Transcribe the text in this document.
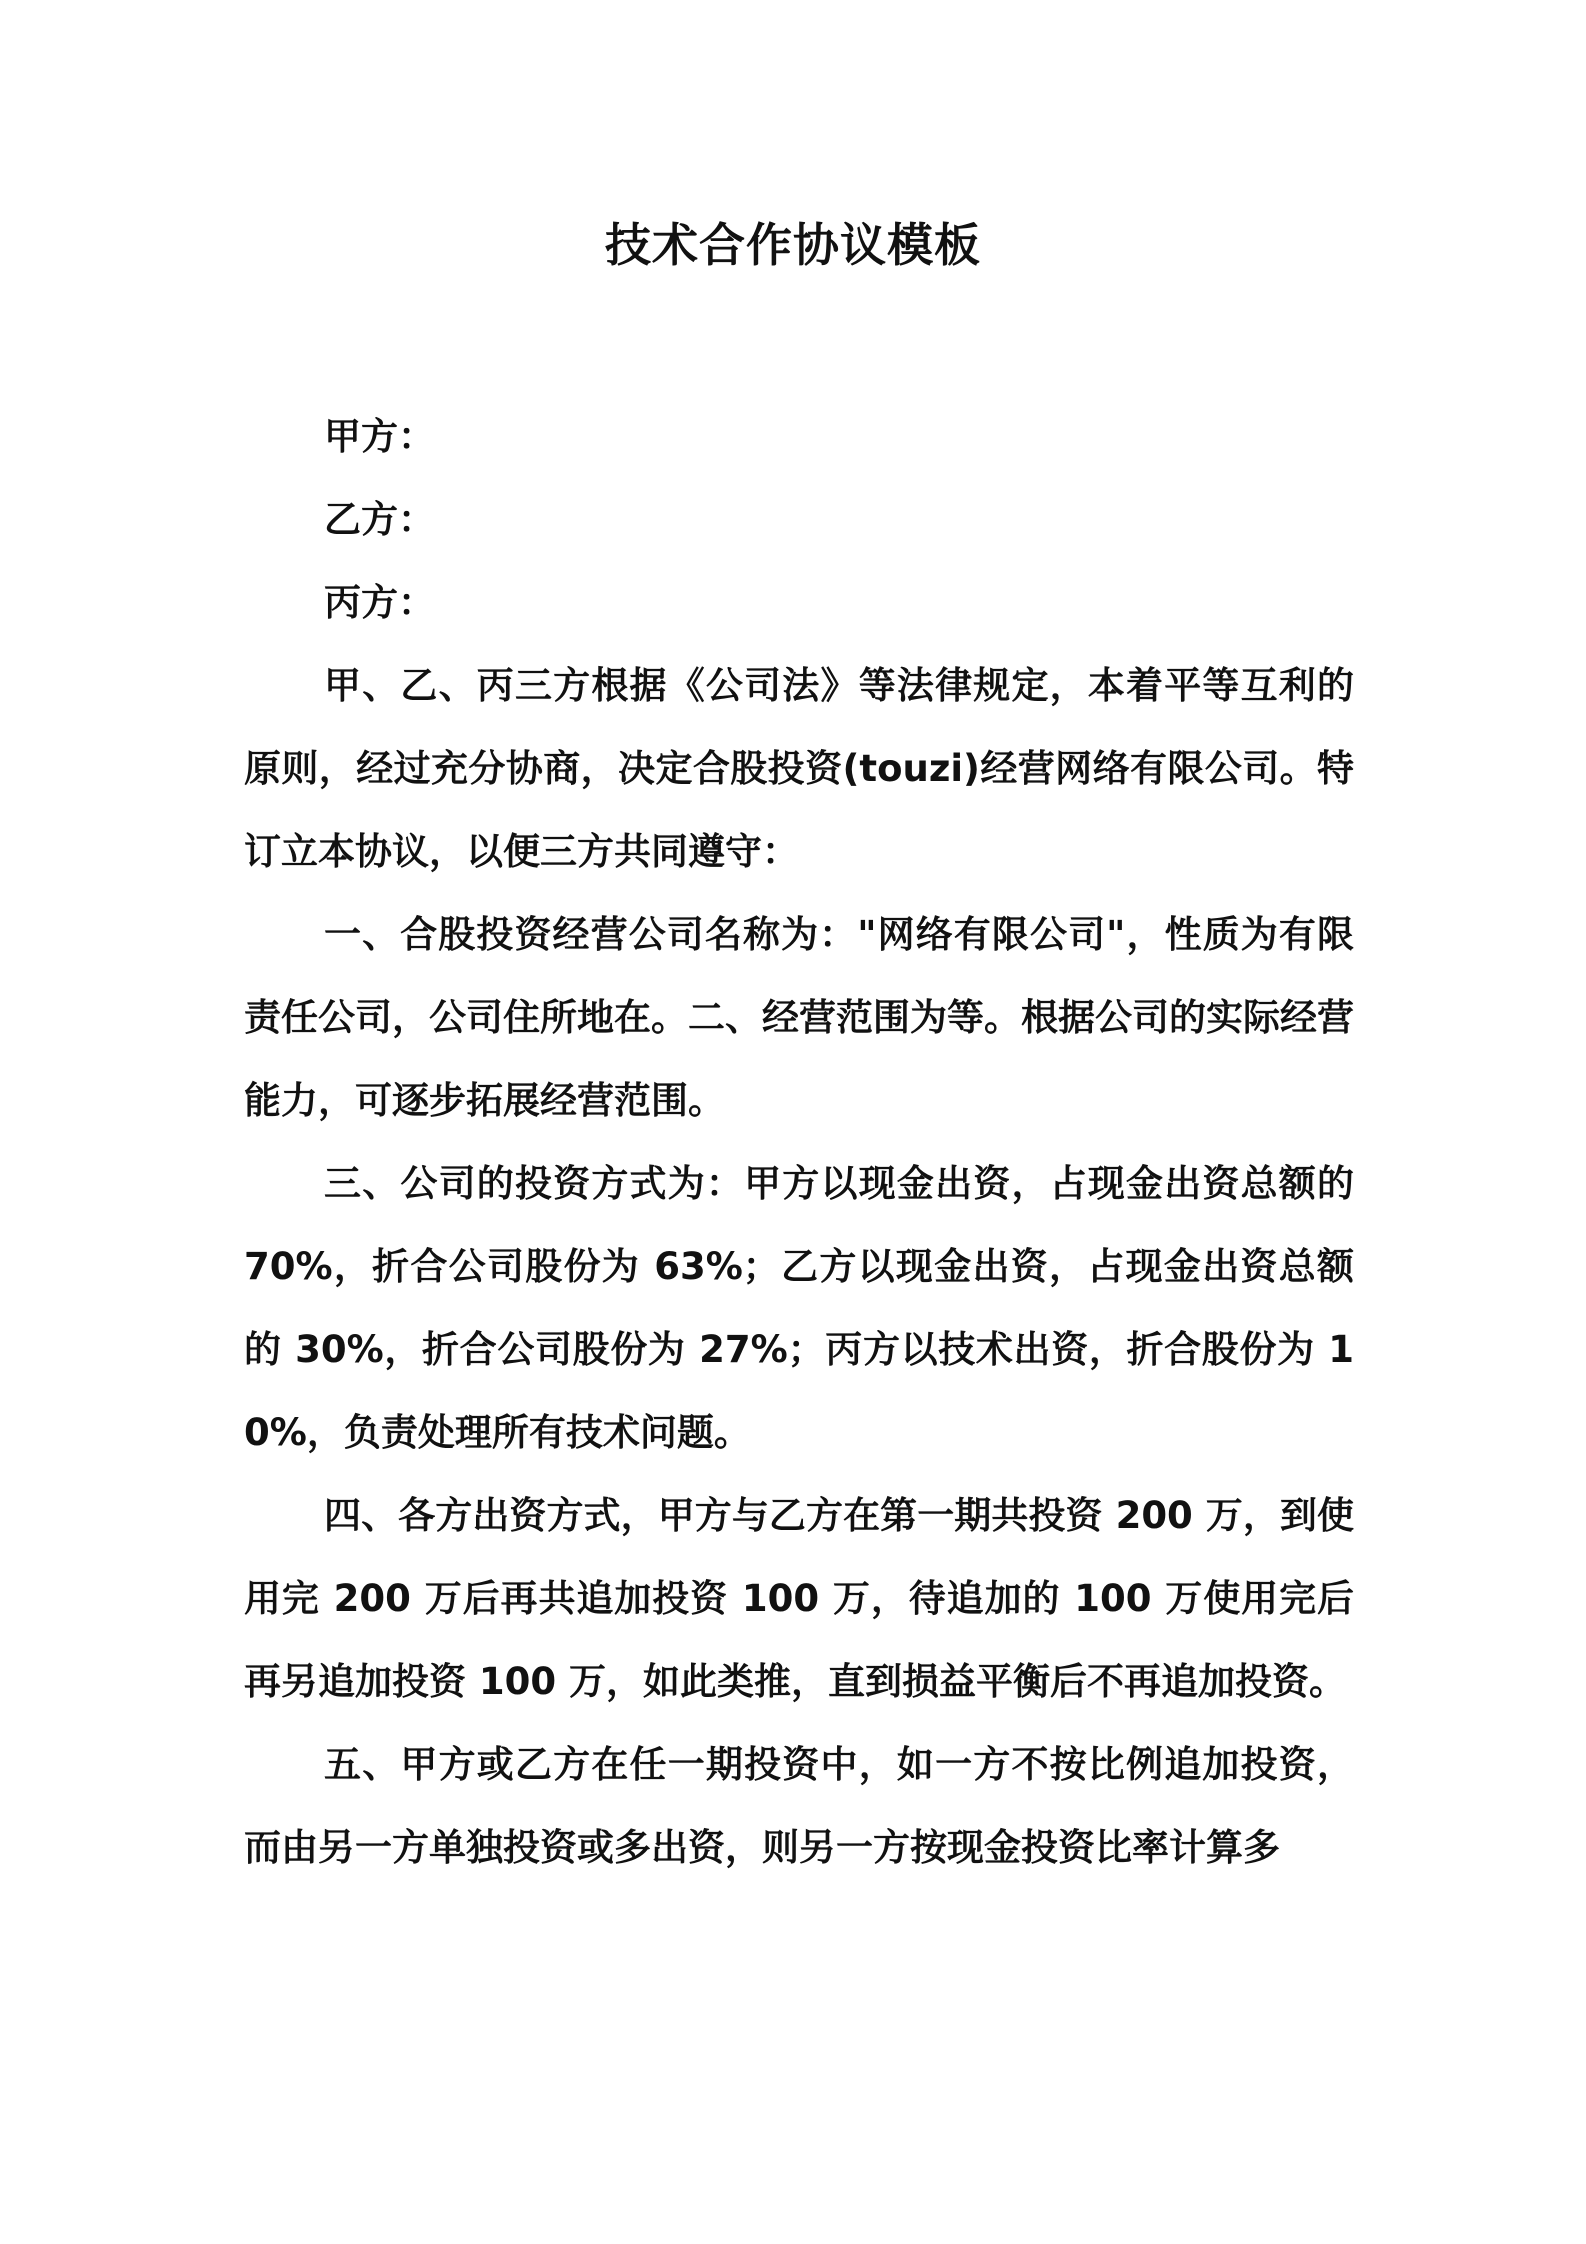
技术合作协议模板

甲方：

乙方：

丙方：

甲、乙、丙三方根据《公司法》等法律规定，本着平等互利的原则，经过充分协商，决定合股投资(touzi)经营网络有限公司。特订立本协议，以便三方共同遵守：

一、合股投资经营公司名称为："网络有限公司"，性质为有限责任公司，公司住所地在。二、经营范围为等。根据公司的实际经营能力，可逐步拓展经营范围。

三、公司的投资方式为：甲方以现金出资，占现金出资总额的 70%，折合公司股份为 63%；乙方以现金出资，占现金出资总额的 30%，折合公司股份为 27%；丙方以技术出资，折合股份为 10%，负责处理所有技术问题。

四、各方出资方式，甲方与乙方在第一期共投资 200 万，到使用完 200 万后再共追加投资 100 万，待追加的 100 万使用完后再另追加投资 100 万，如此类推，直到损益平衡后不再追加投资。

五、甲方或乙方在任一期投资中，如一方不按比例追加投资，而由另一方单独投资或多出资，则另一方按现金投资比率计算多
